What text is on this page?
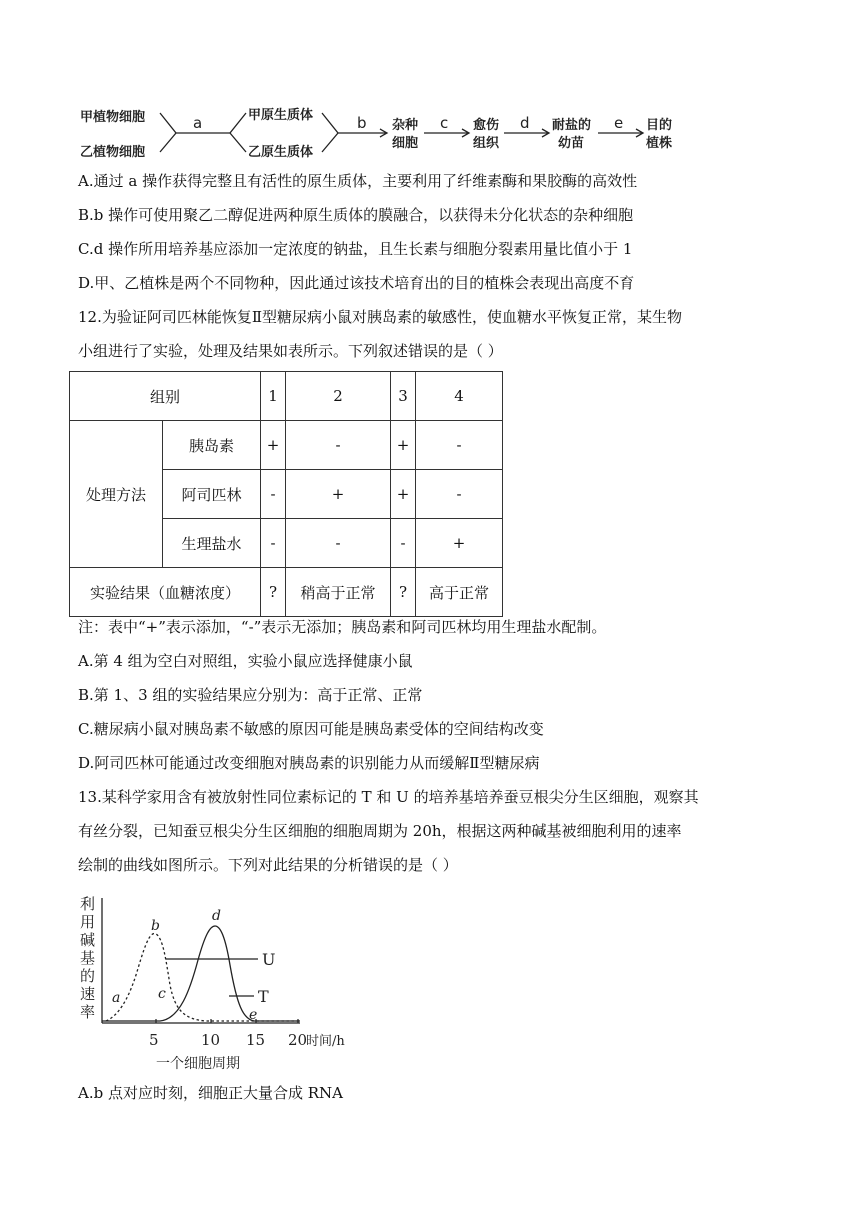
甲植物细胞
乙植物细胞
a	甲原生质体
乙原生质体
b 杂种
细胞
c 愈伤
组织
d 耐盐的
幼苗
e 目的
植株
A.通过 a 操作获得完整且有活性的原生质体，主要利用了纤维素酶和果胶酶的高效性
B.b 操作可使用聚乙二醇促进两种原生质体的膜融合，以获得未分化状态的杂种细胞
C.d 操作所用培养基应添加一定浓度的钠盐，且生长素与细胞分裂素用量比值小于 1
D.甲、乙植株是两个不同物种，因此通过该技术培育出的目的植株会表现出高度不育
12.为验证阿司匹林能恢复Ⅱ型糖尿病小鼠对胰岛素的敏感性，使血糖水平恢复正常，某生物
小组进行了实验，处理及结果如表所示。下列叙述错误的是（ ）
组别		1	2	3	4
处理方法	胰岛素	+	-	+	-
	阿司匹林	-	+	+	-
	生理盐水	-	-	-	+
实验结果（血糖浓度）		?	稍高于正常	?	高于正常
注：表中“+”表示添加，“-”表示无添加；胰岛素和阿司匹林均用生理盐水配制。
A.第 4 组为空白对照组，实验小鼠应选择健康小鼠
B.第 1、3 组的实验结果应分别为：高于正常、正常
C.糖尿病小鼠对胰岛素不敏感的原因可能是胰岛素受体的空间结构改变
D.阿司匹林可能通过改变细胞对胰岛素的识别能力从而缓解Ⅱ型糖尿病
13.某科学家用含有被放射性同位素标记的 T 和 U 的培养基培养蚕豆根尖分生区细胞，观察其
有丝分裂，已知蚕豆根尖分生区细胞的细胞周期为 20h，根据这两种碱基被细胞利用的速率
绘制的曲线如图所示。下列对此结果的分析错误的是（ ）
利
用
碱
基
的
速
率
5	10 15 20
时间/h
一个细胞周期
U
T
a
b
c
d
e
A.b 点对应时刻，细胞正大量合成 RNA
